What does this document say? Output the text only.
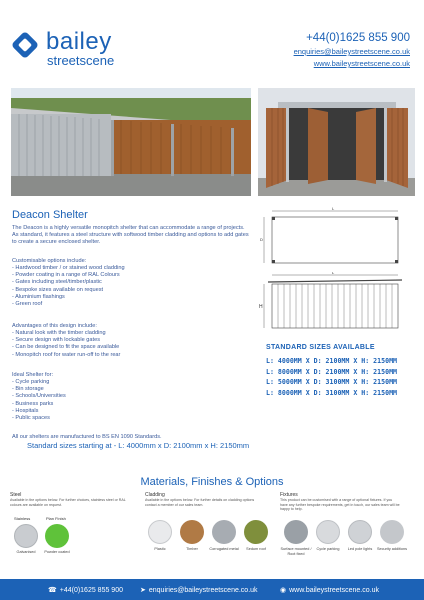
bailey
streetscene
+44(0)1625 855 900
enquiries@baileystreetscene.co.uk
www.baileystreetscene.co.uk
Deacon Shelter
The Deacon is a highly versatile monopitch shelter that can accommodate a range of projects. As standard, it features a steel structure with softwood timber cladding and options to add gates to create a secure enclosed shelter.
Customisable options include:
- Hardwood timber / or stained wood cladding
- Powder coating in a range of RAL Colours
- Gates including steel/timber/plastic
- Bespoke sizes available on request
- Aluminium flashings
- Green roof
Advantages of this design include:
- Natural look with the timber cladding
- Secure design with lockable gates
- Can be designed to fit the space available
- Monopitch roof for water run-off to the rear
Ideal Shelter for:
- Cycle parking
- Bin storage
- Schools/Universities
- Business parks
- Hospitals
- Public spaces
All our shelters are manufactured to BS EN 1090 Standards.
Standard sizes starting at - L: 4000mm x D: 2100mm x H: 2150mm
L
D
L
H
STANDARD SIZES AVAILABLE
L: 4000MM X D: 2100MM X H: 2150MM
L: 8000MM X D: 2100MM X H: 2150MM
L: 5000MM X D: 3100MM X H: 2150MM
L: 8000MM X D: 3100MM X H: 2150MM
Materials, Finishes & Options
Steel
Available in the options below. For further choices, stainless steel or RAL colours are available on request.
Stainless	Plan Finish
Galvanised	Powder coated
Cladding
Available in the options below. For further details on cladding options contact a member of our sales team.
Plastic	Timber	Corrugated metal	Sedum roof
Fixtures
This product can be customised with a range of optional fixtures. If you have any further bespoke requirements, get in touch, our sales team will be happy to help.
Surface mounted / Root fixed
Cycle parking	Led pole lights	Security additions
☎ +44(0)1625 855 900 ➤ enquiries@baileystreetscene.co.uk	◉ www.baileystreetscene.co.uk
